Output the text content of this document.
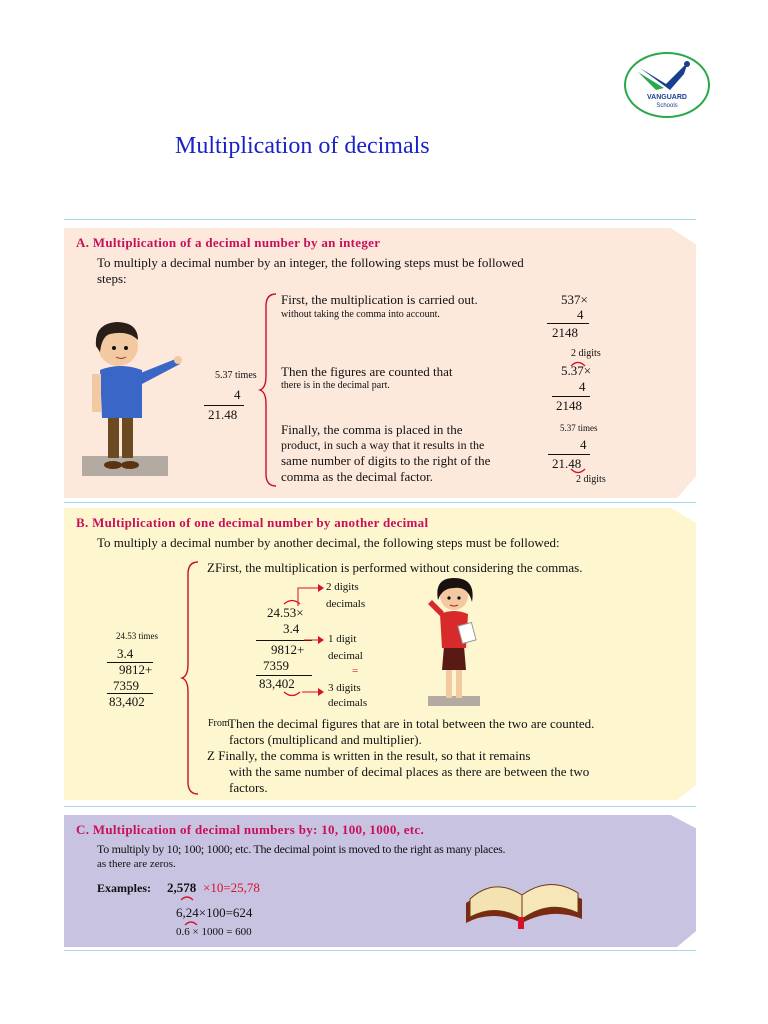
VANGUARD
Schools
Multiplication of decimals
A. Multiplication of a decimal number by an integer
To multiply a decimal number by an integer, the following steps must be followed
steps:
5.37 times
4
21.48
First, the multiplication is carried out.
without taking the comma into account.
Then the figures are counted that
there is in the decimal part.
Finally, the comma is placed in the
product, in such a way that it results in the
same number of digits to the right of the
comma as the decimal factor.
537×
4
2148
2 digits
5.37×
4
2148
5.37 times
4
21.48
2 digits
B. Multiplication of one decimal number by another decimal
To multiply a decimal number by another decimal, the following steps must be followed:
24.53 times
3.4
9812+
7359
83,402
ZFirst, the multiplication is performed without considering the commas.
24.53×
3.4
9812+
7359
83,402
2 digits
decimals
1 digit
decimal
=
3 digits
decimals
From
Then the decimal figures that are in total between the two are counted.
factors (multiplicand and multiplier).
Z Finally, the comma is written in the result, so that it remains
with the same number of decimal places as there are between the two
factors.
C. Multiplication of decimal numbers by: 10, 100, 1000, etc.
To multiply by 10; 100; 1000; etc. The decimal point is moved to the right as many places.
as there are zeros.
Examples: 2,578 ×10=25,78
6,24×100=624
0.6 × 1000 = 600
